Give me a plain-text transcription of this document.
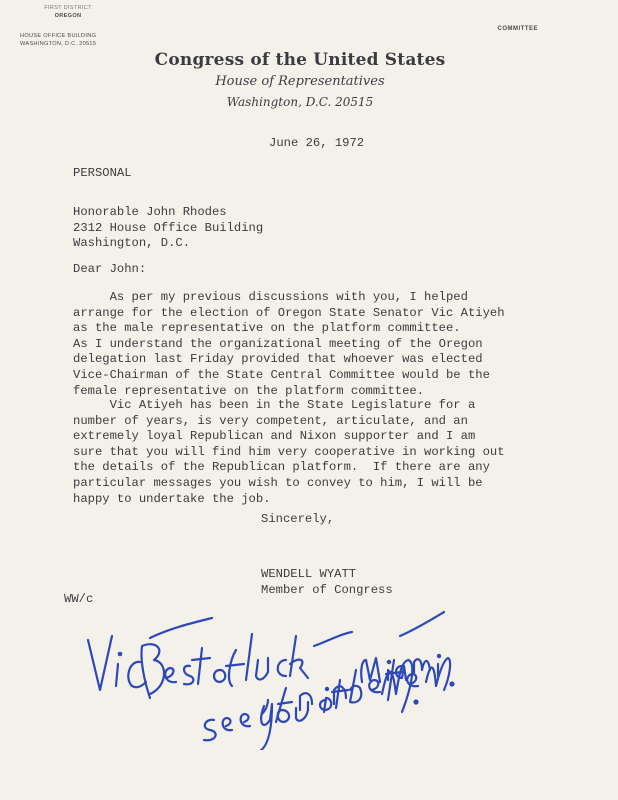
FIRST DISTRICT
OREGON
HOUSE OFFICE BUILDING
WASHINGTON, D.C. 20515
COMMITTEE
Congress of the United States
House of Representatives
Washington, D.C. 20515
June 26, 1972
PERSONAL
Honorable John Rhodes
2312 House Office Building
Washington, D.C.
Dear John:
As per my previous discussions with you, I helped
arrange for the election of Oregon State Senator Vic Atiyeh
as the male representative on the platform committee.
As I understand the organizational meeting of the Oregon
delegation last Friday provided that whoever was elected
Vice-Chairman of the State Central Committee would be the
female representative on the platform committee.
Vic Atiyeh has been in the State Legislature for a
number of years, is very competent, articulate, and an
extremely loyal Republican and Nixon supporter and I am
sure that you will find him very cooperative in working out
the details of the Republican platform.  If there are any
particular messages you wish to convey to him, I will be
happy to undertake the job.
Sincerely,
WENDELL WYATT
Member of Congress
WW/c
